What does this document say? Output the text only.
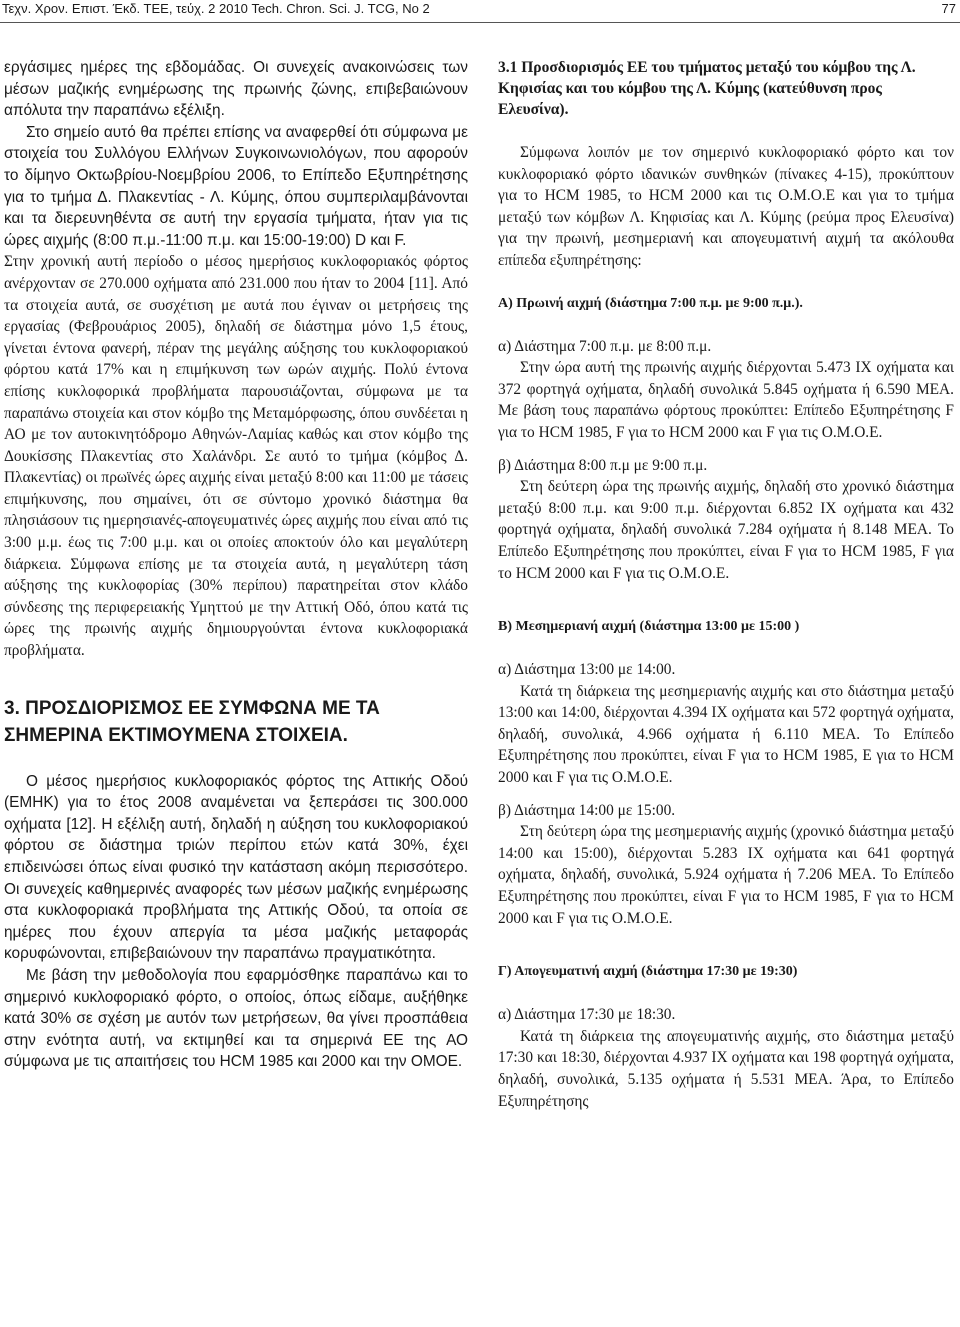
Τεχν. Χρον. Επιστ. Έκδ. ΤΕΕ, τεύχ. 2 2010 Tech. Chron. Sci. J. TCG, No 2	77

εργάσιμες ημέρες της εβδομάδας. Οι συνεχείς ανακοινώσεις των μέσων μαζικής ενημέρωσης της πρωινής ζώνης, επιβεβαιώνουν απόλυτα την παραπάνω εξέλιξη.

Στο σημείο αυτό θα πρέπει επίσης να αναφερθεί ότι σύμφωνα με στοιχεία του Συλλόγου Ελλήνων Συγκοινωνιολόγων, που αφορούν το δίμηνο Οκτωβρίου-Νοεμβρίου 2006, το Επίπεδο Εξυπηρέτησης για το τμήμα Δ. Πλακεντίας - Λ. Κύμης, όπου συμπεριλαμβάνονται και τα διερευνηθέντα σε αυτή την εργασία τμήματα, ήταν για τις ώρες αιχμής (8:00 π.μ.-11:00 π.μ. και 15:00-19:00) D και F.

Στην χρονική αυτή περίοδο ο μέσος ημερήσιος κυκλοφοριακός φόρτος ανέρχονταν σε 270.000 οχήματα από 231.000 που ήταν το 2004 [11]. Από τα στοιχεία αυτά, σε συσχέτιση με αυτά που έγιναν οι μετρήσεις της εργασίας (Φεβρουάριος 2005), δηλαδή σε διάστημα μόνο 1,5 έτους, γίνεται έντονα φανερή, πέραν της μεγάλης αύξησης του κυκλοφοριακού φόρτου κατά 17% και η επιμήκυνση των ωρών αιχμής. Πολύ έντονα επίσης κυκλοφορικά προβλήματα παρουσιάζονται, σύμφωνα με τα παραπάνω στοιχεία και στον κόμβο της Μεταμόρφωσης, όπου συνδέεται η ΑΟ με τον αυτοκινητόδρομο Αθηνών-Λαμίας καθώς και στον κόμβο της Δουκίσσης Πλακεντίας στο Χαλάνδρι. Σε αυτό το τμήμα (κόμβος Δ. Πλακεντίας) οι πρωϊνές ώρες αιχμής είναι μεταξύ 8:00 και 11:00 με τάσεις επιμήκυνσης, που σημαίνει, ότι σε σύντομο χρονικό διάστημα θα πλησιάσουν τις ημερησιανές-απογευματινές ώρες αιχμής που είναι από τις 3:00 μ.μ. έως τις 7:00 μ.μ. και οι οποίες αποκτούν όλο και μεγαλύτερη διάρκεια. Σύμφωνα επίσης με τα στοιχεία αυτά, η μεγαλύτερη τάση αύξησης της κυκλοφορίας (30% περίπου) παρατηρείται στον κλάδο σύνδεσης της περιφερειακής Υμηττού με την Αττική Οδό, όπου κατά τις ώρες της πρωινής αιχμής δημιουργούνται έντονα κυκλοφοριακά προβλήματα.

3. ΠΡΟΣΔΙΟΡΙΣΜΟΣ ΕΕ ΣΥΜΦΩΝΑ ΜΕ ΤΑ ΣΗΜΕΡΙΝΑ ΕΚΤΙΜΟΥΜΕΝΑ ΣΤΟΙΧΕΙΑ.

Ο μέσος ημερήσιος κυκλοφοριακός φόρτος της Αττικής Οδού (ΕΜΗΚ) για το έτος 2008 αναμένεται να ξεπεράσει τις 300.000 οχήματα [12]. Η εξέλιξη αυτή, δηλαδή η αύξηση του κυκλοφοριακού φόρτου σε διάστημα τριών περίπου ετών κατά 30%, έχει επιδεινώσει όπως είναι φυσικό την κατάσταση ακόμη περισσότερο. Οι συνεχείς καθημερινές αναφορές των μέσων μαζικής ενημέρωσης στα κυκλοφοριακά προβλήματα της Αττικής Οδού, τα οποία σε ημέρες που έχουν απεργία τα μέσα μαζικής μεταφοράς κορυφώνονται, επιβεβαιώνουν την παραπάνω πραγματικότητα.

Με βάση την μεθοδολογία που εφαρμόσθηκε παραπάνω και το σημερινό κυκλοφοριακό φόρτο, ο οποίος, όπως είδαμε, αυξήθηκε κατά 30% σε σχέση με αυτόν των μετρήσεων, θα γίνει προσπάθεια στην ενότητα αυτή, να εκτιμηθεί και τα σημερινά ΕΕ της ΑΟ σύμφωνα με τις απαιτήσεις του HCM 1985 και 2000 και την ΟΜΟΕ.

3.1 Προσδιορισμός ΕΕ του τμήματος μεταξύ του κόμβου της Λ. Κηφισίας και του κόμβου της Λ. Κύμης (κατεύθυνση προς Ελευσίνα).

Σύμφωνα λοιπόν με τον σημερινό κυκλοφοριακό φόρτο και τον κυκλοφοριακό φόρτο ιδανικών συνθηκών (πίνακες 4-15), προκύπτουν για το HCM 1985, το HCM 2000 και τις Ο.Μ.Ο.Ε και για το τμήμα μεταξύ των κόμβων Λ. Κηφισίας και Λ. Κύμης (ρεύμα προς Ελευσίνα) για την πρωινή, μεσημεριανή και απογευματινή αιχμή τα ακόλουθα επίπεδα εξυπηρέτησης:

Α) Πρωινή αιχμή (διάστημα 7:00 π.μ. με 9:00 π.μ.).

α) Διάστημα 7:00 π.μ. με 8:00 π.μ.

Στην ώρα αυτή της πρωινής αιχμής διέρχονται 5.473 ΙΧ οχήματα και 372 φορτηγά οχήματα, δηλαδή συνολικά 5.845 οχήματα ή 6.590 ΜΕΑ. Με βάση τους παραπάνω φόρτους προκύπτει: Επίπεδο Εξυπηρέτησης F για το HCM 1985, F για το HCM 2000 και F για τις Ο.Μ.Ο.Ε.

β) Διάστημα 8:00 π.μ με 9:00 π.μ.

Στη δεύτερη ώρα της πρωινής αιχμής, δηλαδή στο χρονικό διάστημα μεταξύ 8:00 π.μ. και 9:00 π.μ. διέρχονται 6.852 ΙΧ οχήματα και 432 φορτηγά οχήματα, δηλαδή συνολικά 7.284 οχήματα ή 8.148 ΜΕΑ. Το Επίπεδο Εξυπηρέτησης που προκύπτει, είναι F για το HCM 1985, F για το HCM 2000 και F για τις Ο.Μ.Ο.Ε.

Β) Μεσημεριανή αιχμή (διάστημα 13:00 με 15:00 )

α) Διάστημα 13:00 με 14:00.

Κατά τη διάρκεια της μεσημεριανής αιχμής και στο διάστημα μεταξύ 13:00 και 14:00, διέρχονται 4.394 ΙΧ οχήματα και 572 φορτηγά οχήματα, δηλαδή, συνολικά, 4.966 οχήματα ή 6.110 ΜΕΑ. Το Επίπεδο Εξυπηρέτησης που προκύπτει, είναι F για το HCM 1985, E για το HCM 2000 και F για τις Ο.Μ.Ο.Ε.

β) Διάστημα 14:00 με 15:00.

Στη δεύτερη ώρα της μεσημεριανής αιχμής (χρονικό διάστημα μεταξύ 14:00 και 15:00), διέρχονται 5.283 ΙΧ οχήματα και 641 φορτηγά οχήματα, δηλαδή, συνολικά, 5.924 οχήματα ή 7.206 ΜΕΑ. Το Επίπεδο Εξυπηρέτησης που προκύπτει, είναι F για το HCM 1985, F για το HCM 2000 και F για τις Ο.Μ.Ο.Ε.

Γ) Απογευματινή αιχμή (διάστημα 17:30 με 19:30)

α) Διάστημα 17:30 με 18:30.

Κατά τη διάρκεια της απογευματινής αιχμής, στο διάστημα μεταξύ 17:30 και 18:30, διέρχονται 4.937 ΙΧ οχήματα και 198 φορτηγά οχήματα, δηλαδή, συνολικά, 5.135 οχήματα ή 5.531 ΜΕΑ. Άρα, το Επίπεδο Εξυπηρέτησης
